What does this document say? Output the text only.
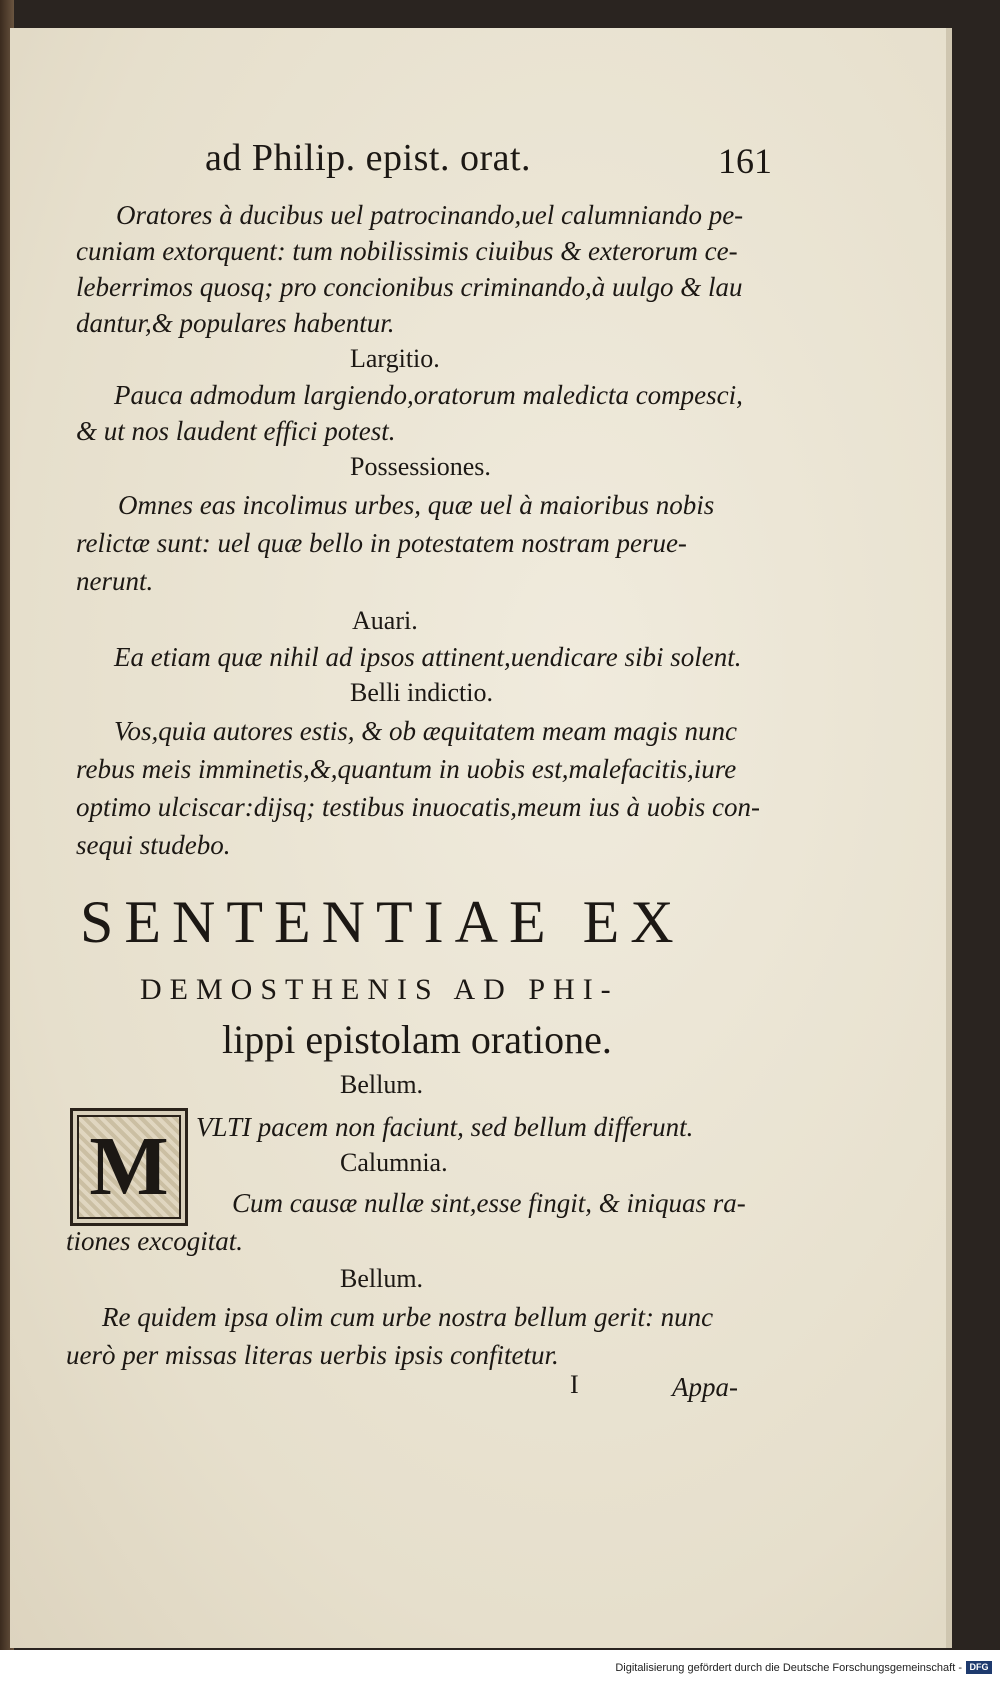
ad Philip. epist. orat.	161
Oratores à ducibus uel patrocinando,uel calumniando pe-
cuniam extorquent: tum nobilissimis ciuibus & exterorum ce-
leberrimos quosq; pro concionibus criminando,à uulgo & lau
dantur,& populares habentur.
Largitio.
Pauca admodum largiendo,oratorum maledicta compesci,
& ut nos laudent effici potest.
Possessiones.
Omnes eas incolimus urbes, quæ uel à maioribus nobis
relictæ sunt: uel quæ bello in potestatem nostram perue-
nerunt.
Auari.
Ea etiam quæ nihil ad ipsos attinent,uendicare sibi solent.
Belli indictio.
Vos,quia autores estis, & ob æquitatem meam magis nunc
rebus meis imminetis,&,quantum in uobis est,malefacitis,iure
optimo ulciscar:dijsq; testibus inuocatis,meum ius à uobis con-
sequi studebo.
SENTENTIAE EX
DEMOSTHENIS AD PHI-
lippi epistolam oratione.
Bellum.
M	VLTI pacem non faciunt, sed bellum differunt.
Calumnia.
Cum causæ nullæ sint,esse fingit, & iniquas ra-
tiones excogitat.
Bellum.
Re quidem ipsa olim cum urbe nostra bellum gerit: nunc
uerò per missas literas uerbis ipsis confitetur.
I	Appa-
Digitalisierung gefördert durch die Deutsche Forschungsgemeinschaft - DFG
